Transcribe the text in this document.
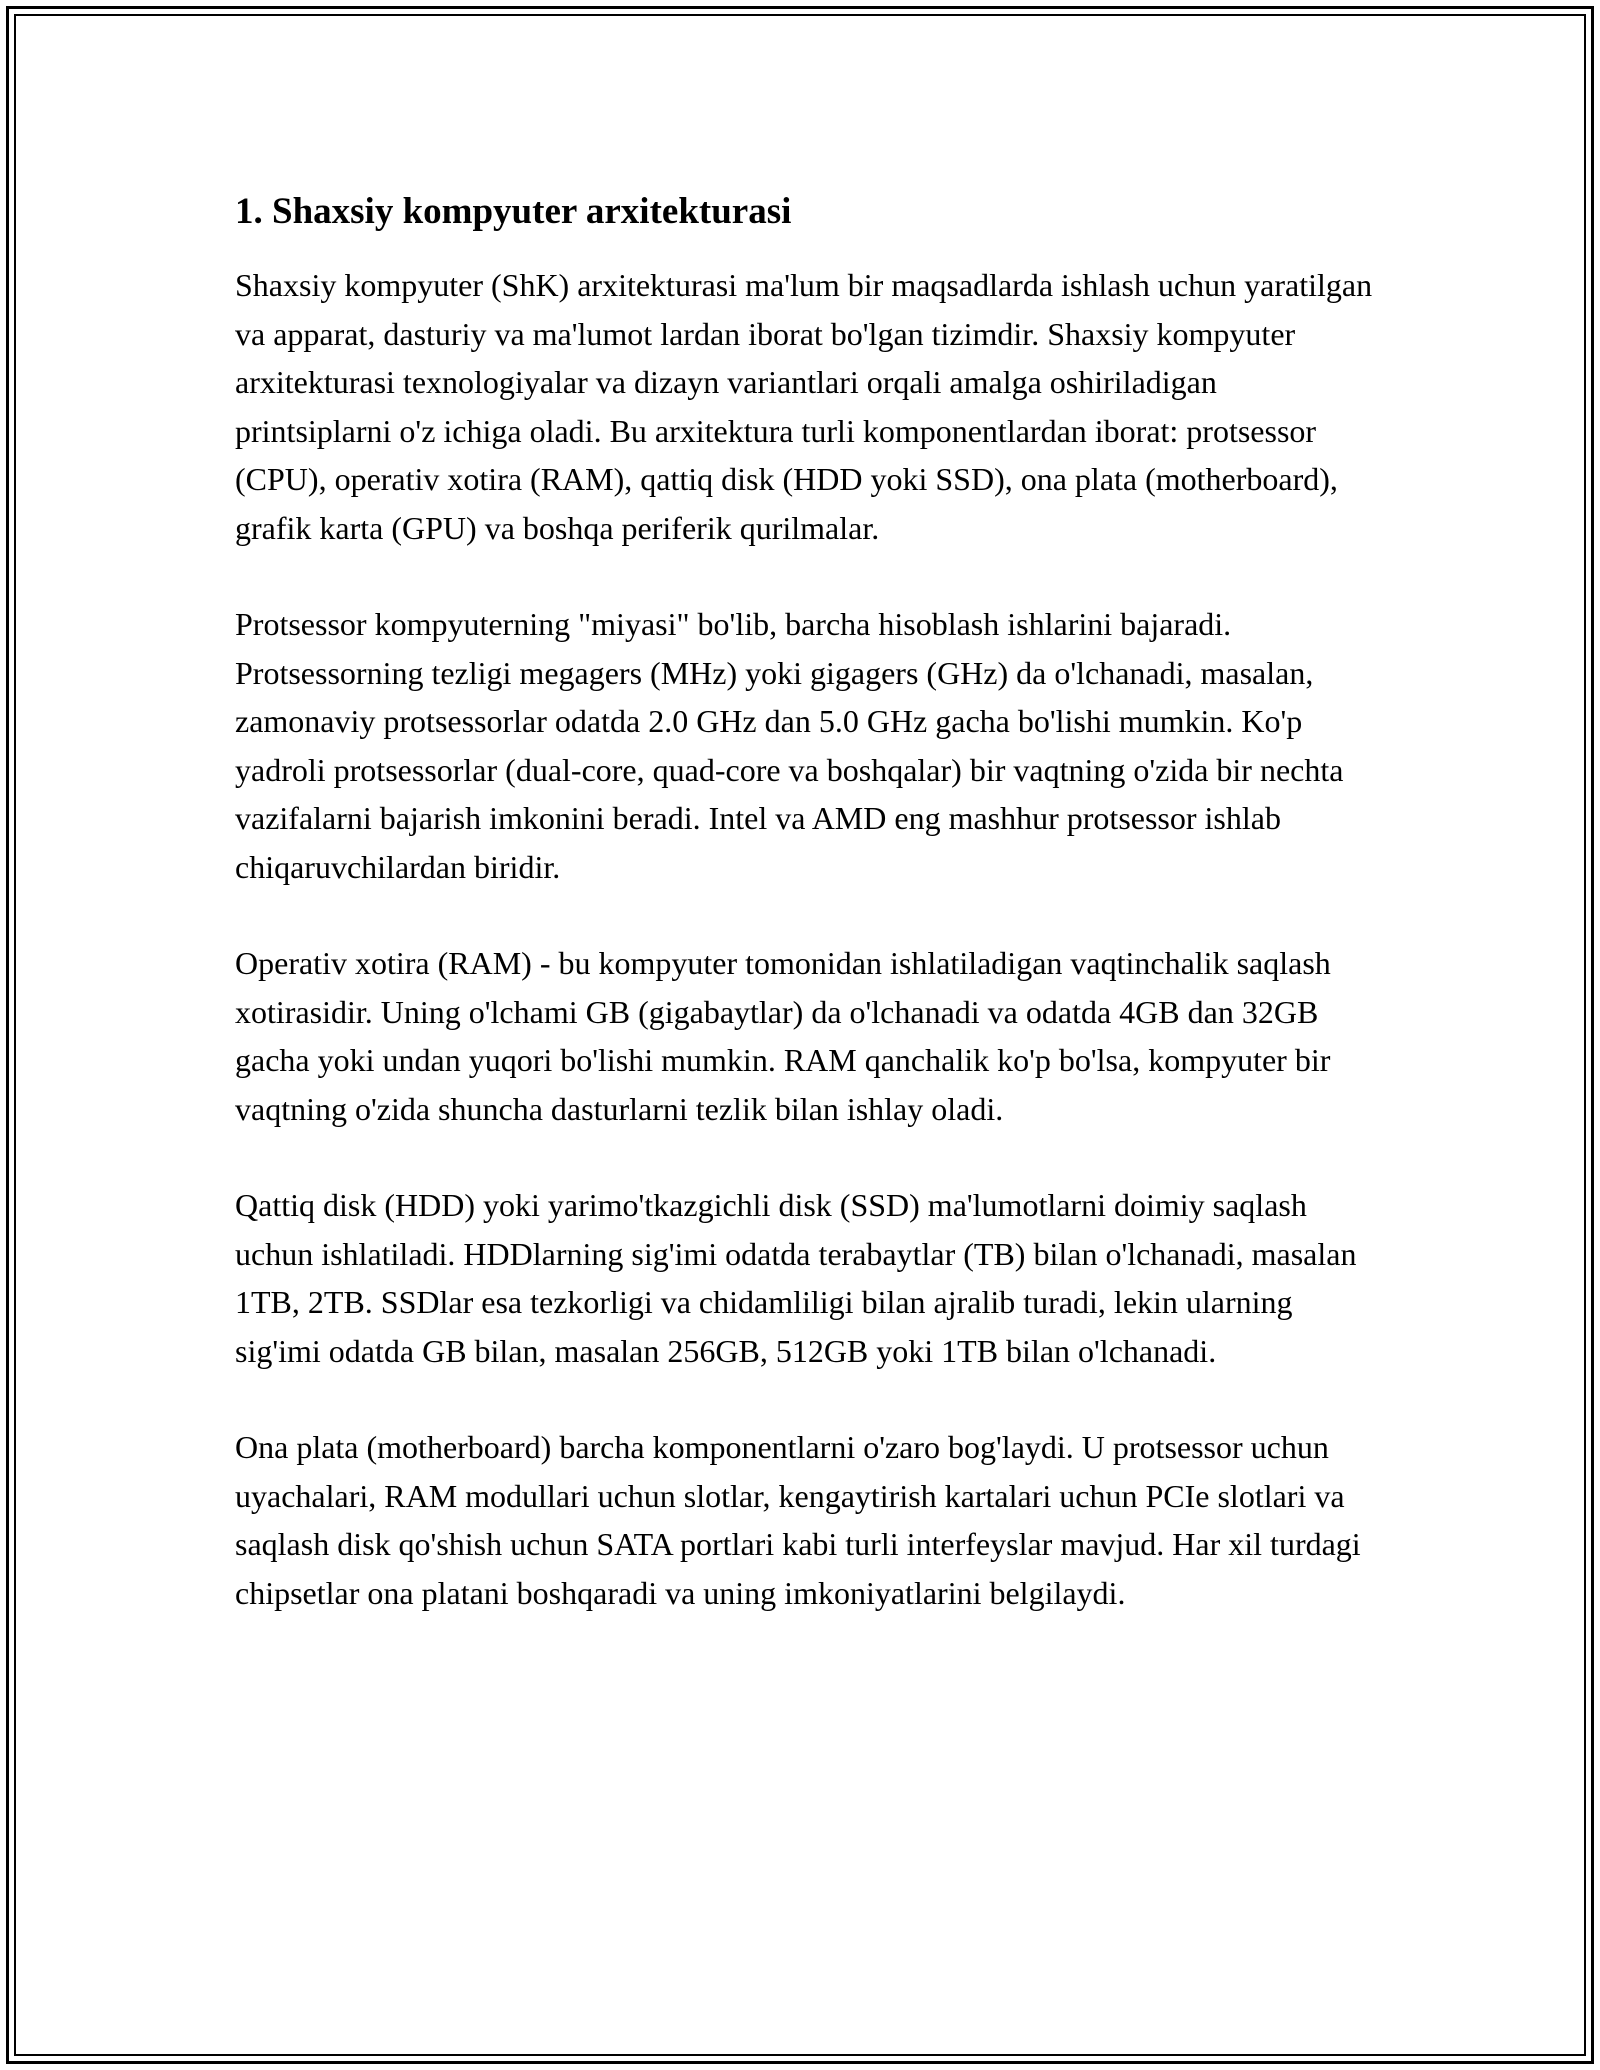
1. Shaxsiy kompyuter arxitekturasi

Shaxsiy kompyuter (ShK) arxitekturasi ma'lum bir maqsadlarda ishlash uchun yaratilgan va apparat, dasturiy va ma'lumot lardan iborat bo'lgan tizimdir. Shaxsiy kompyuter arxitekturasi texnologiyalar va dizayn variantlari orqali amalga oshiriladigan printsiplarni o'z ichiga oladi. Bu arxitektura turli komponentlardan iborat: protsessor (CPU), operativ xotira (RAM), qattiq disk (HDD yoki SSD), ona plata (motherboard), grafik karta (GPU) va boshqa periferik qurilmalar.

Protsessor kompyuterning "miyasi" bo'lib, barcha hisoblash ishlarini bajaradi. Protsessorning tezligi megagers (MHz) yoki gigagers (GHz) da o'lchanadi, masalan, zamonaviy protsessorlar odatda 2.0 GHz dan 5.0 GHz gacha bo'lishi mumkin. Ko'p yadroli protsessorlar (dual-core, quad-core va boshqalar) bir vaqtning o'zida bir nechta vazifalarni bajarish imkonini beradi. Intel va AMD eng mashhur protsessor ishlab chiqaruvchilardan biridir.

Operativ xotira (RAM) - bu kompyuter tomonidan ishlatiladigan vaqtinchalik saqlash xotirasidir. Uning o'lchami GB (gigabaytlar) da o'lchanadi va odatda 4GB dan 32GB gacha yoki undan yuqori bo'lishi mumkin. RAM qanchalik ko'p bo'lsa, kompyuter bir vaqtning o'zida shuncha dasturlarni tezlik bilan ishlay oladi.

Qattiq disk (HDD) yoki yarimo'tkazgichli disk (SSD) ma'lumotlarni doimiy saqlash uchun ishlatiladi. HDDlarning sig'imi odatda terabaytlar (TB) bilan o'lchanadi, masalan 1TB, 2TB. SSDlar esa tezkorligi va chidamliligi bilan ajralib turadi, lekin ularning sig'imi odatda GB bilan, masalan 256GB, 512GB yoki 1TB bilan o'lchanadi.

Ona plata (motherboard) barcha komponentlarni o'zaro bog'laydi. U protsessor uchun uyachalari, RAM modullari uchun slotlar, kengaytirish kartalari uchun PCIe slotlari va saqlash disk qo'shish uchun SATA portlari kabi turli interfeyslar mavjud. Har xil turdagi chipsetlar ona platani boshqaradi va uning imkoniyatlarini belgilaydi.
